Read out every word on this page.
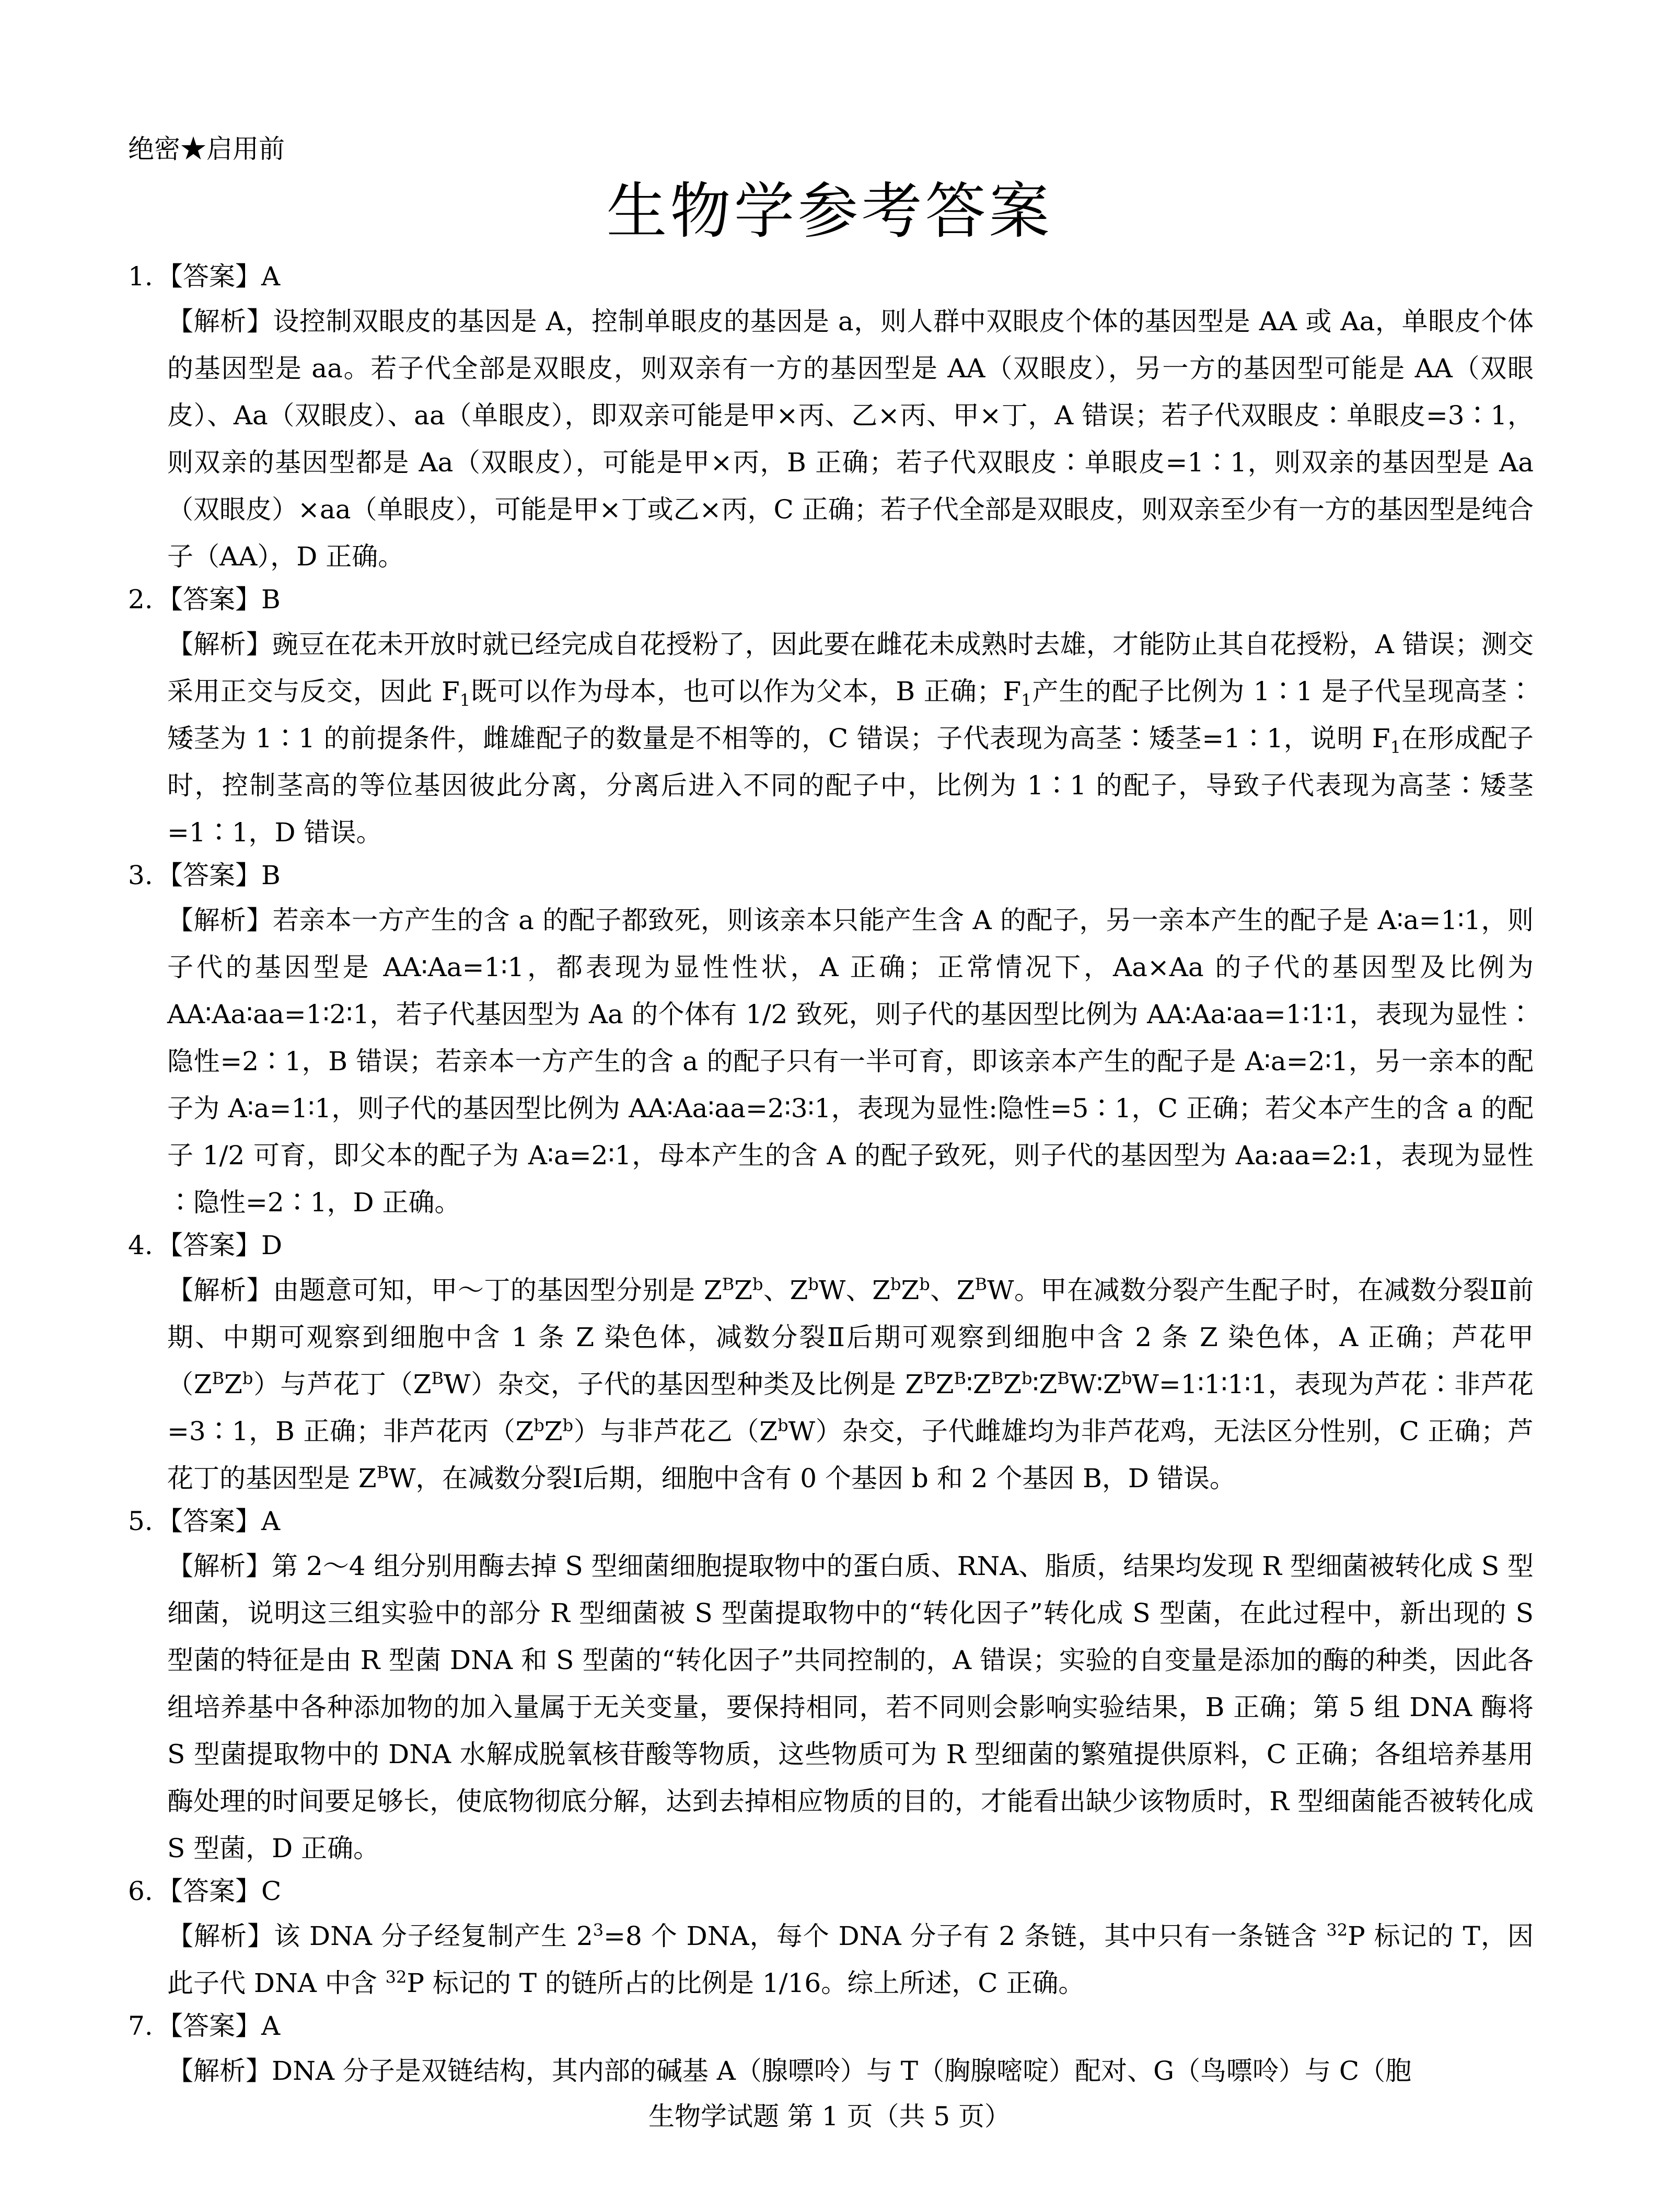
绝密★启用前
生物学参考答案
1. 【答案】A

【解析】设控制双眼皮的基因是 A，控制单眼皮的基因是 a，则人群中双眼皮个体的基因型是 AA 或 Aa，单眼皮个体的基因型是 aa。若子代全部是双眼皮，则双亲有一方的基因型是 AA（双眼皮），另一方的基因型可能是 AA（双眼皮）、Aa（双眼皮）、aa（单眼皮），即双亲可能是甲×丙、乙×丙、甲×丁，A 错误；若子代双眼皮∶单眼皮=3∶1，则双亲的基因型都是 Aa（双眼皮），可能是甲×丙，B 正确；若子代双眼皮∶单眼皮=1∶1，则双亲的基因型是 Aa（双眼皮）×aa（单眼皮），可能是甲×丁或乙×丙，C 正确；若子代全部是双眼皮，则双亲至少有一方的基因型是纯合子（AA），D 正确。

2. 【答案】B

【解析】豌豆在花未开放时就已经完成自花授粉了，因此要在雌花未成熟时去雄，才能防止其自花授粉，A 错误；测交采用正交与反交，因此 $F_1$既可以作为母本，也可以作为父本，B 正确；$F_1$产生的配子比例为 1∶1 是子代呈现高茎∶矮茎为 1∶1 的前提条件，雌雄配子的数量是不相等的，C 错误；子代表现为高茎∶矮茎=1∶1，说明 $F_1$在形成配子时，控制茎高的等位基因彼此分离，分离后进入不同的配子中，比例为 1∶1 的配子，导致子代表现为高茎∶矮茎=1∶1，D 错误。

3. 【答案】B

【解析】若亲本一方产生的含 a 的配子都致死，则该亲本只能产生含 A 的配子，另一亲本产生的配子是 A∶a=1∶1，则子代的基因型是 AA∶Aa=1∶1，都表现为显性性状，A 正确；正常情况下，Aa×Aa 的子代的基因型及比例为 AA∶Aa∶aa=1∶2∶1，若子代基因型为 Aa 的个体有 1/2 致死，则子代的基因型比例为 AA∶Aa∶aa=1∶1∶1，表现为显性∶隐性=2∶1，B 错误；若亲本一方产生的含 a 的配子只有一半可育，即该亲本产生的配子是 A∶a=2∶1，另一亲本的配子为 A∶a=1∶1，则子代的基因型比例为 AA∶Aa∶aa=2∶3∶1，表现为显性:隐性=5∶1，C 正确；若父本产生的含 a 的配子 1/2 可育，即父本的配子为 A∶a=2∶1，母本产生的含 A 的配子致死，则子代的基因型为 Aa:aa=2:1，表现为显性∶隐性=2∶1，D 正确。

4. 【答案】D

【解析】由题意可知，甲～丁的基因型分别是 $Z^BZ^b$、$Z^bW$、$Z^bZ^b$、$Z^BW$。甲在减数分裂产生配子时，在减数分裂Ⅱ前期、中期可观察到细胞中含 1 条 Z 染色体，减数分裂Ⅱ后期可观察到细胞中含 2 条 Z 染色体，A 正确；芦花甲$(Z^BZ^b)$与芦花丁$(Z^BW)$杂交，子代的基因型种类及比例是 $Z^BZ^B∶Z^BZ^b∶Z^BW∶Z^bW=1∶1∶1∶1$，表现为芦花∶非芦花=3∶1，B 正确；非芦花丙$(Z^bZ^b)$与非芦花乙$(Z^bW)$杂交，子代雌雄均为非芦花鸡，无法区分性别，C 正确；芦花丁的基因型是 $Z^BW$，在减数分裂Ⅰ后期，细胞中含有 0 个基因 b 和 2 个基因 B，D 错误。

5. 【答案】A

【解析】第 2～4 组分别用酶去掉 S 型细菌细胞提取物中的蛋白质、RNA、脂质，结果均发现 R 型细菌被转化成 S 型细菌，说明这三组实验中的部分 R 型细菌被 S 型菌提取物中的“转化因子”转化成 S 型菌，在此过程中，新出现的 S 型菌的特征是由 R 型菌 DNA 和 S 型菌的“转化因子”共同控制的，A 错误；实验的自变量是添加的酶的种类，因此各组培养基中各种添加物的加入量属于无关变量，要保持相同，若不同则会影响实验结果，B 正确；第 5 组 DNA 酶将 S 型菌提取物中的 DNA 水解成脱氧核苷酸等物质，这些物质可为 R 型细菌的繁殖提供原料，C 正确；各组培养基用酶处理的时间要足够长，使底物彻底分解，达到去掉相应物质的目的，才能看出缺少该物质时，R 型细菌能否被转化成 S 型菌，D 正确。

6. 【答案】C

【解析】该 DNA 分子经复制产生 $2^3=8$ 个 DNA，每个 DNA 分子有 2 条链，其中只有一条链含 $^{32}$P 标记的 T，因此子代 DNA 中含 $^{32}$P 标记的 T 的链所占的比例是 1/16。综上所述，C 正确。

7. 【答案】A

【解析】DNA 分子是双链结构，其内部的碱基 A（腺嘌呤）与 T（胸腺嘧啶）配对、G（鸟嘌呤）与 C（胞

生物学试题 第 1 页（共 5 页）
